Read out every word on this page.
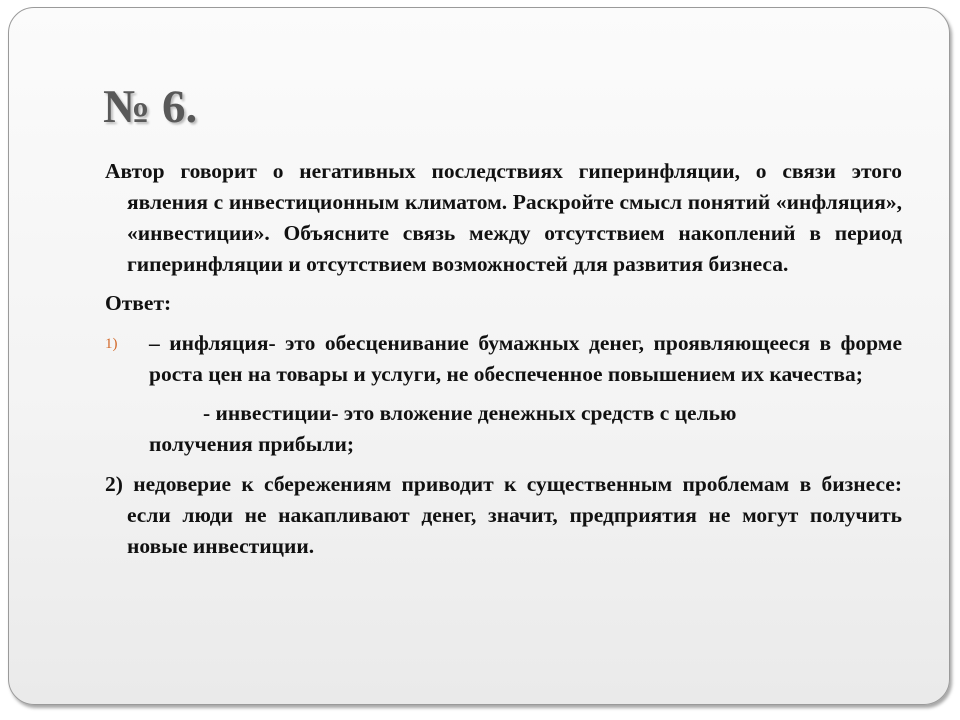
№ 6.

Автор говорит о негативных последствиях гиперинфляции, о связи этого явления с инвестиционным климатом. Раскройте смысл понятий «инфляция», «инвестиции». Объясните связь между отсутствием накоплений в период гиперинфляции и отсутствием возможностей для развития бизнеса.

Ответ:

1) – инфляция- это обесценивание бумажных денег, проявляющееся в форме роста цен на товары и услуги, не обеспеченное повышением их качества;
- инвестиции- это вложение денежных средств с целью
получения прибыли;

2) недоверие к сбережениям приводит к существенным проблемам в бизнесе: если люди не накапливают денег, значит, предприятия не могут получить новые инвестиции.
